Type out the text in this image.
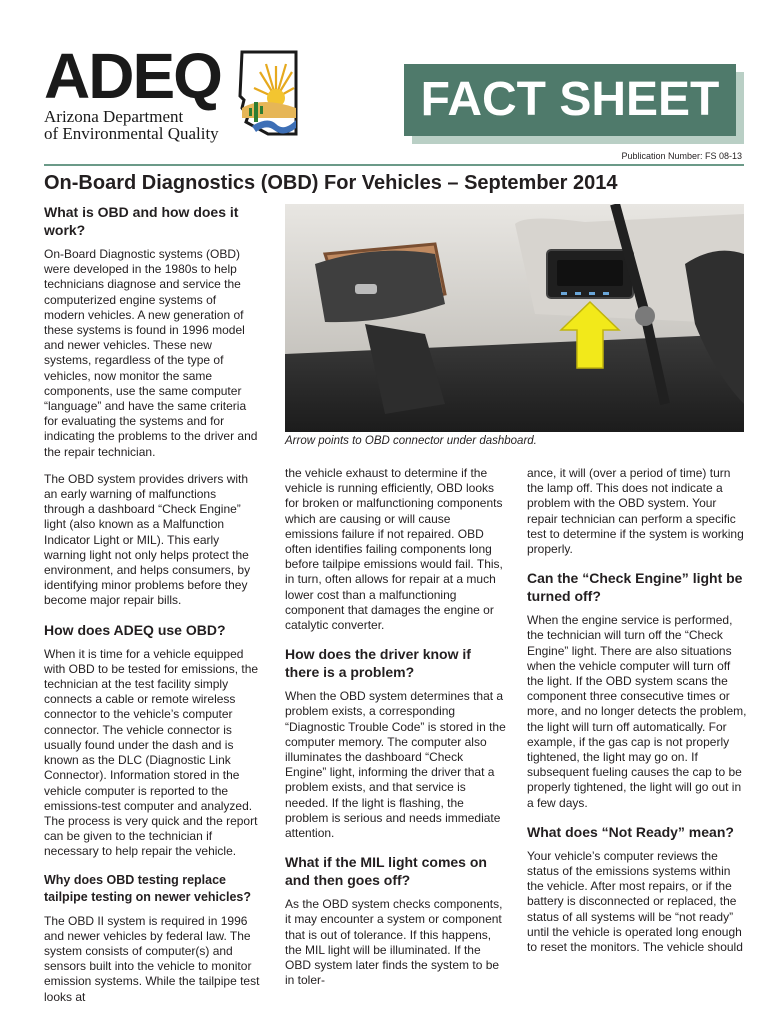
ADEQ
Arizona Department
of Environmental Quality
FACT SHEET
Publication Number: FS 08-13
On-Board Diagnostics (OBD) For Vehicles – September 2014
Arrow points to OBD connector under dashboard.
What is OBD and how does it work?

On-Board Diagnostic systems (OBD) were developed in the 1980s to help technicians diagnose and service the computerized engine systems of modern vehicles. A new generation of these systems is found in 1996 model and newer vehicles. These new systems, regardless of the type of vehicles, now monitor the same components, use the same computer “language” and have the same criteria for evaluating the systems and for indicating the problems to the driver and the repair technician.

The OBD system provides drivers with an early warning of malfunctions through a dashboard “Check Engine” light (also known as a Malfunction Indicator Light or MIL). This early warning light not only helps protect the environment, and helps consumers, by identifying minor problems before they become major repair bills.

How does ADEQ use OBD?

When it is time for a vehicle equipped with OBD to be tested for emissions, the technician at the test facility simply connects a cable or remote wireless connector to the vehicle’s computer connector. The vehicle connector is usually found under the dash and is known as the DLC (Diagnostic Link Connector). Information stored in the vehicle computer is reported to the emissions-test computer and analyzed. The process is very quick and the report can be given to the technician if necessary to help repair the vehicle.

Why does OBD testing replace tailpipe testing on newer vehicles?

The OBD II system is required in 1996 and newer vehicles by federal law. The system consists of computer(s) and sensors built into the vehicle to monitor emission systems. While the tailpipe test looks at

the vehicle exhaust to determine if the vehicle is running efficiently, OBD looks for broken or malfunctioning components which are causing or will cause emissions failure if not repaired. OBD often identifies failing components long before tailpipe emissions would fail. This, in turn, often allows for repair at a much lower cost than a malfunctioning component that damages the engine or catalytic converter.

How does the driver know if there is a problem?

When the OBD system determines that a problem exists, a corresponding “Diagnostic Trouble Code” is stored in the computer memory. The computer also illuminates the dashboard “Check Engine” light, informing the driver that a problem exists, and that service is needed. If the light is flashing, the problem is serious and needs immediate attention.

What if the MIL light comes on and then goes off?

As the OBD system checks components, it may encounter a system or component that is out of tolerance. If this happens, the MIL light will be illuminated. If the OBD system later finds the system to be in toler-

ance, it will (over a period of time) turn the lamp off. This does not indicate a problem with the OBD system. Your repair technician can perform a specific test to determine if the system is working properly.

Can the “Check Engine” light be turned off?

When the engine service is performed, the technician will turn off the “Check Engine” light. There are also situations when the vehicle computer will turn off the light. If the OBD system scans the component three consecutive times or more, and no longer detects the problem, the light will turn off automatically. For example, if the gas cap is not properly tightened, the light may go on. If subsequent fueling causes the cap to be properly tightened, the light will go out in a few days.

What does “Not Ready” mean?

Your vehicle’s computer reviews the status of the emissions systems within the vehicle. After most repairs, or if the battery is disconnected or replaced, the status of all systems will be “not ready” until the vehicle is operated long enough to reset the monitors. The vehicle should
